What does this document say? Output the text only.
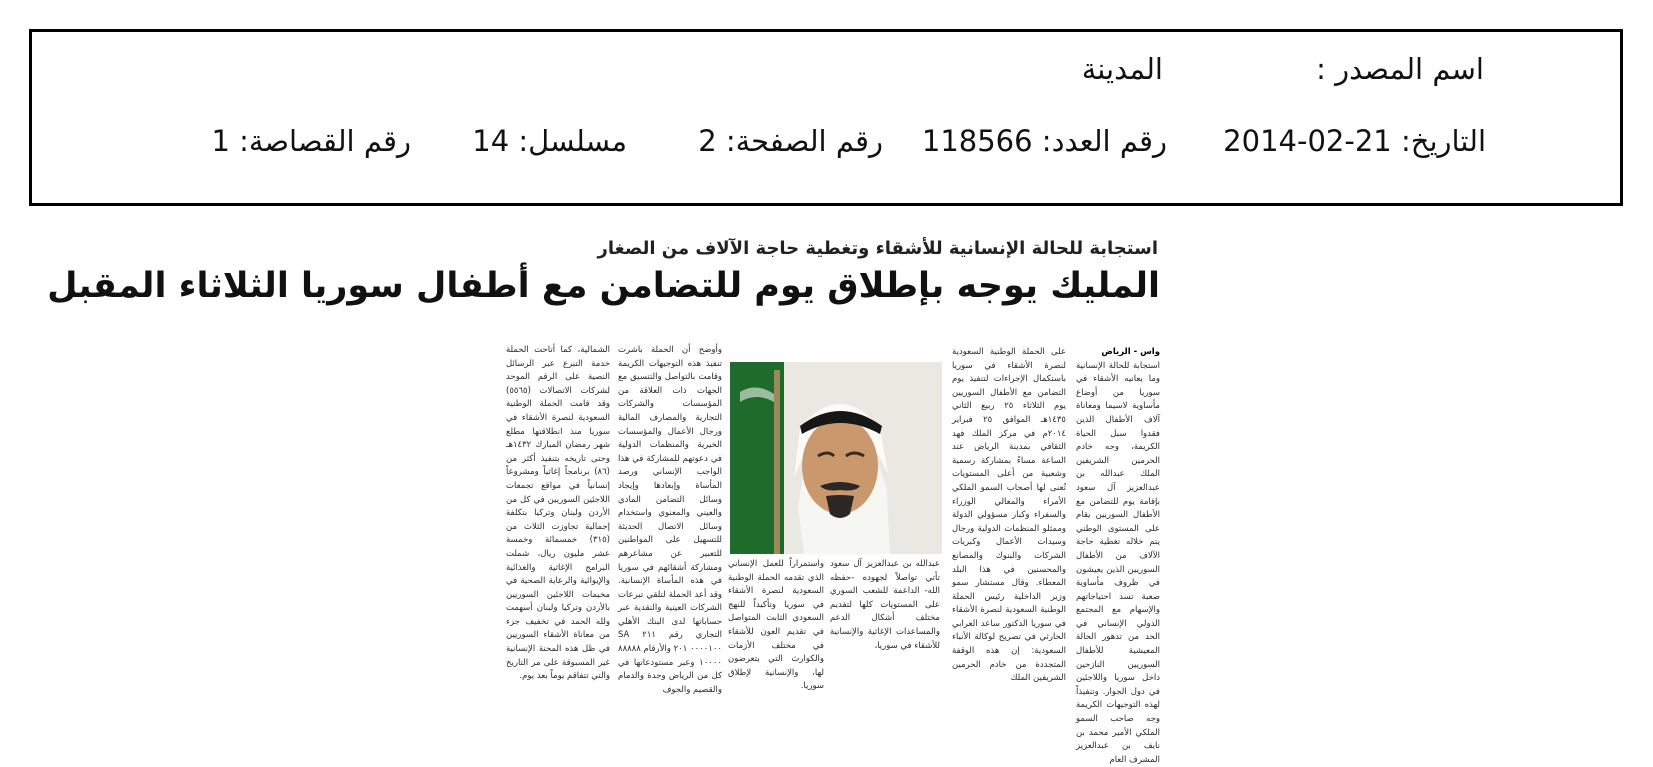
اسم المصدر :
المدينة
التاريخ: 21-02-2014
رقم العدد: 118566
رقم الصفحة: 2
مسلسل: 14
رقم القصاصة: 1
استجابة للحالة الإنسانية للأشقاء وتغطية حاجة الآلاف من الصغار
المليك يوجه بإطلاق يوم للتضامن مع أطفال سوريا الثلاثاء المقبل
واس - الرياض
استجابة للحالة الإنسانية وما يعانيه الأشقاء في سوريا من أوضاع مأساوية لاسيما ومعاناة آلاف الأطفال الذين فقدوا سبل الحياة الكريمة، وجه خادم الحرمين الشريفين الملك عبدالله بن عبدالعزيز آل سعود بإقامة يوم للتضامن مع الأطفال السوريين يقام على المستوى الوطني يتم خلاله تغطية حاجة الآلاف من الأطفال السوريين الذين يعيشون في ظروف مأساوية صعبة تسد احتياجاتهم والإسهام مع المجتمع الدولي الإنساني في الحد من تدهور الحالة المعيشية للأطفال السوريين النازحين داخل سوريا واللاجئين في دول الجوار. وتنفيذاً لهذه التوجيهات الكريمة وجه صاحب السمو الملكي الأمير محمد بن نايف بن عبدالعزيز المشرف العام
على الحملة الوطنية السعودية لنصرة الأشقاء في سوريا باستكمال الإجراءات لتنفيذ يوم التضامن مع الأطفال السوريين يوم الثلاثاء ٢٥ ربيع الثاني ١٤٣٥هـ الموافق ٢٥ فبراير ٢٠١٤م في مركز الملك فهد الثقافي بمدينة الرياض عند الساعة مساءً بمشاركة رسمية وشعبية من أعلى المستويات تُعنى لها أصحاب السمو الملكي الأمراء والمعالي الوزراء والسفراء وكبار مسؤولي الدولة وممثلو المنظمات الدولية ورجال وسيدات الأعمال وكبريات الشركات والبنوك والمصانع والمحسنين في هذا البلد المعطاء. وقال مستشار سمو وزير الداخلية رئيس الحملة الوطنية السعودية لنصرة الأشقاء في سوريا الدكتور ساعد العرابي الحارثي في تصريح لوكالة الأنباء السعودية: إن هذه الوقفة المتجددة من خادم الحرمين الشريفين الملك
عبدالله بن عبدالعزيز آل سعود تأتي تواصلاً لجهوده -حفظه الله- الداعمة للشعب السوري على المستويات كلها لتقديم مختلف أشكال الدعم والمساعدات الإغاثية والإنسانية للأشقاء في سوريا،
واستمراراً للعمل الإنساني الذي تقدمه الحملة الوطنية السعودية لنصرة الأشقاء في سوريا وتأكيداً للنهج السعودي الثابت المتواصل في تقديم العون للأشقاء في مختلف الأزمات والكوارث التي يتعرضون لها، والإنسانية لإطلاق سوريا.
وأوضح أن الحملة باشرت تنفيذ هذه التوجيهات الكريمة وقامت بالتواصل والتنسيق مع الجهات ذات العلاقة من المؤسسات والشركات التجارية والمصارف المالية ورجال الأعمال والمؤسسات الخيرية والمنظمات الدولية في دعوتهم للمشاركة في هذا الواجب الإنساني ورصد المأساة وإبعادها وإيجاد وسائل التضامن المادي والعيني والمعنوي واستخدام وسائل الاتصال الحديثة للتسهيل على المواطنين للتعبير عن مشاعرهم ومشاركة أشقائهم في سوريا في هذه المأساة الإنسانية. وقد أعد الحملة لتلقي تبرعات الشركات العينية والنقدية عبر حساباتها لدى البنك الأهلي التجاري رقم ٢١١ SA ٠٠٠٠١٠٠ ٢٠١ والأرقام ٨٨٨٨٨ ١٠٠٠٠ وعبر مستودعاتها في كل من الرياض وجدة والدمام والقصيم والجوف
الشمالية، كما أتاحت الحملة خدمة التبرع عبر الرسائل النصية على الرقم الموحد لشركات الاتصالات (٥٥٦٥) وقد قامت الحملة الوطنية السعودية لنصرة الأشقاء في سوريا منذ انطلاقتها مطلع شهر رمضان المبارك ١٤٣٢هـ وحتى تاريخه بتنفيذ أكثر من (٨٦) برنامجاً إغاثياً ومشروعاً إنسانياً في مواقع تجمعات اللاجئين السوريين في كل من الأردن ولبنان وتركيا بتكلفة إجمالية تجاوزت الثلاث من (٣١٥) خمسمائة وخمسة عشر مليون ريال، شملت البرامج الإغاثية والغذائية والإيوائية والرعاية الصحية في مخيمات اللاجئين السوريين بالأردن وتركيا ولبنان أسهمت ولله الحمد في تخفيف جزء من معاناة الأشقاء السوريين في ظل هذه المحنة الإنسانية غير المسبوقة على مر التاريخ والتي تتفاقم يوماً بعد يوم.
